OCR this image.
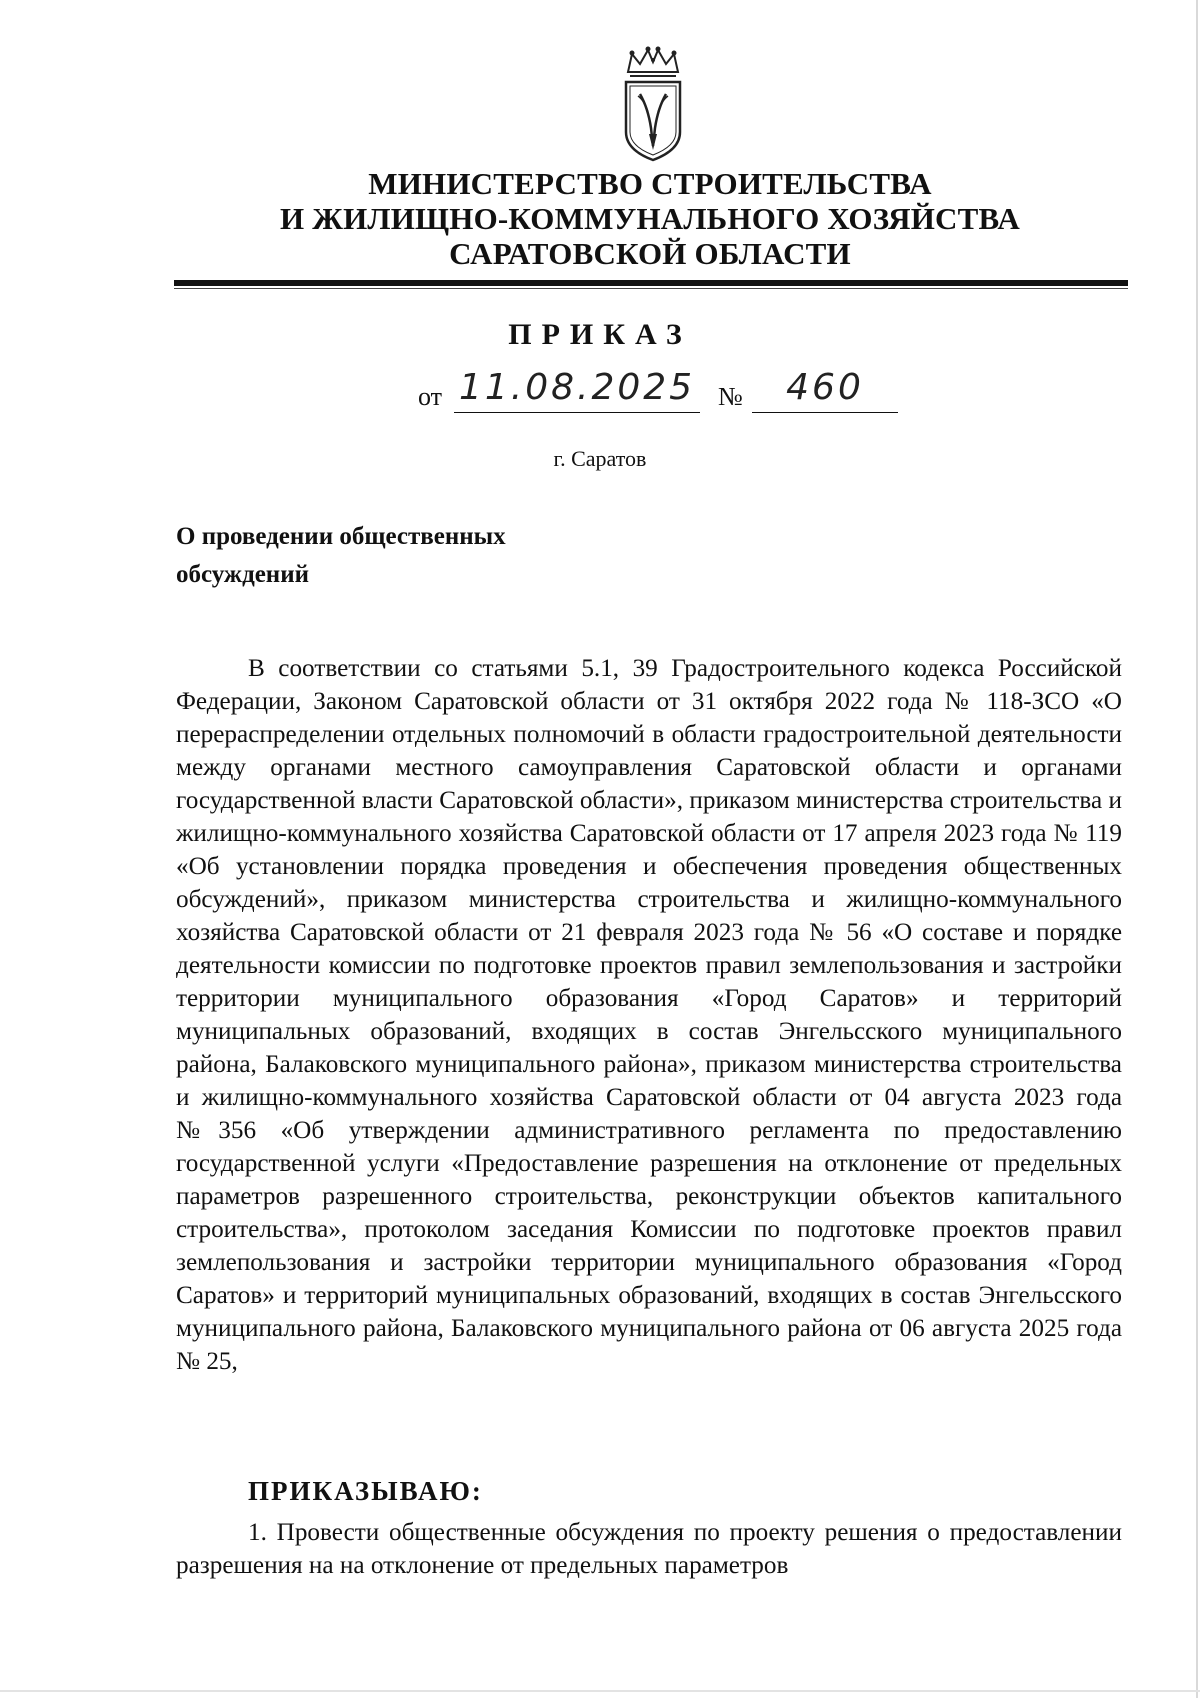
МИНИСТЕРСТВО СТРОИТЕЛЬСТВА
И ЖИЛИЩНО-КОММУНАЛЬНОГО ХОЗЯЙСТВА
САРАТОВСКОЙ ОБЛАСТИ
ПРИКАЗ
от 11.08.2025 №	460
г. Саратов
О проведении общественных
обсуждений

В соответствии со статьями 5.1, 39 Градостроительного кодекса Российской Федерации, Законом Саратовской области от 31 октября 2022 года № 118-ЗСО «О перераспределении отдельных полномочий в области градостроительной деятельности между органами местного самоуправления Саратовской области и органами государственной власти Саратовской области», приказом министерства строительства и жилищно-коммунального хозяйства Саратовской области от 17 апреля 2023 года № 119 «Об установлении порядка проведения и обеспечения проведения общественных обсуждений», приказом министерства строительства и жилищно-коммунального хозяйства Саратовской области от 21 февраля 2023 года № 56 «О составе и порядке деятельности комиссии по подготовке проектов правил землепользования и застройки территории муниципального образования «Город Саратов» и территорий муниципальных образований, входящих в состав Энгельсского муниципального района, Балаковского муниципального района», приказом министерства строительства и жилищно-коммунального хозяйства Саратовской области от 04 августа 2023 года №356 «Об утверждении административного регламента по предоставлению государственной услуги «Предоставление разрешения на отклонение от предельных параметров разрешенного строительства, реконструкции объектов капитального строительства», протоколом заседания Комиссии по подготовке проектов правил землепользования и застройки территории муниципального образования «Город Саратов» и территорий муниципальных образований, входящих в состав Энгельсского муниципального района, Балаковского муниципального района от 06 августа 2025 года № 25,

ПРИКАЗЫВАЮ:

1. Провести общественные обсуждения по проекту решения о предоставлении разрешения на на отклонение от предельных параметров
